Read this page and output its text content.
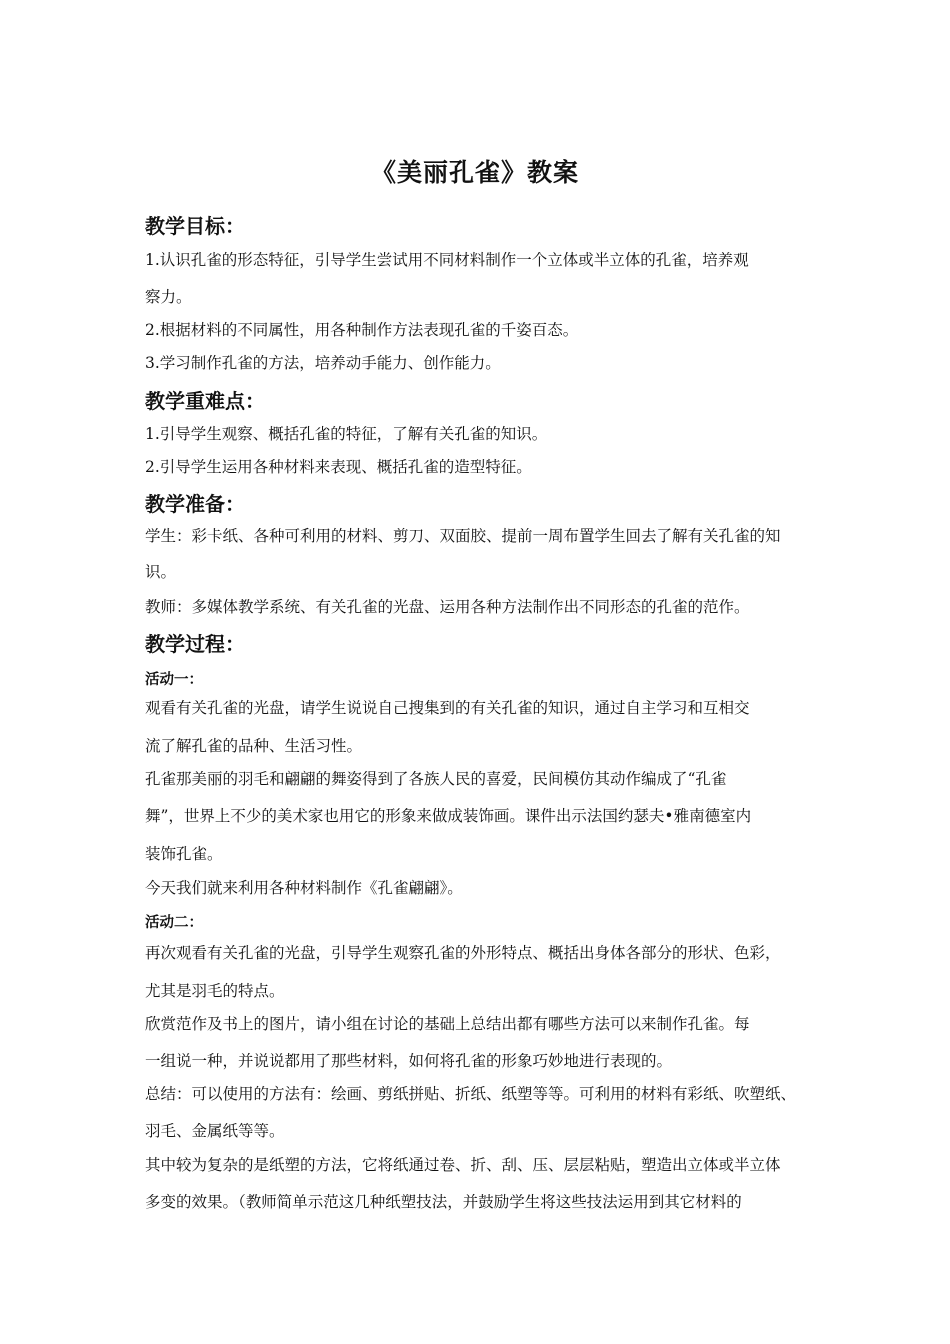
《美丽孔雀》教案
教学目标：
1.认识孔雀的形态特征，引导学生尝试用不同材料制作一个立体或半立体的孔雀，培养观
察力。
2.根据材料的不同属性，用各种制作方法表现孔雀的千姿百态。
3.学习制作孔雀的方法，培养动手能力、创作能力。
教学重难点：
1.引导学生观察、概括孔雀的特征，了解有关孔雀的知识。
2.引导学生运用各种材料来表现、概括孔雀的造型特征。
教学准备：
学生：彩卡纸、各种可利用的材料、剪刀、双面胶、提前一周布置学生回去了解有关孔雀的知
识。
教师：多媒体教学系统、有关孔雀的光盘、运用各种方法制作出不同形态的孔雀的范作。
教学过程：
活动一：
观看有关孔雀的光盘，请学生说说自己搜集到的有关孔雀的知识，通过自主学习和互相交
流了解孔雀的品种、生活习性。
孔雀那美丽的羽毛和翩翩的舞姿得到了各族人民的喜爱，民间模仿其动作编成了“孔雀
舞”，世界上不少的美术家也用它的形象来做成装饰画。课件出示法国约瑟夫•雅南德室内
装饰孔雀。
今天我们就来利用各种材料制作《孔雀翩翩》。
活动二：
再次观看有关孔雀的光盘，引导学生观察孔雀的外形特点、概括出身体各部分的形状、色彩，
尤其是羽毛的特点。
欣赏范作及书上的图片，请小组在讨论的基础上总结出都有哪些方法可以来制作孔雀。每
一组说一种，并说说都用了那些材料，如何将孔雀的形象巧妙地进行表现的。
总结：可以使用的方法有：绘画、剪纸拼贴、折纸、纸塑等等。可利用的材料有彩纸、吹塑纸、
羽毛、金属纸等等。
其中较为复杂的是纸塑的方法，它将纸通过卷、折、刮、压、层层粘贴，塑造出立体或半立体
多变的效果。（教师简单示范这几种纸塑技法，并鼓励学生将这些技法运用到其它材料的
